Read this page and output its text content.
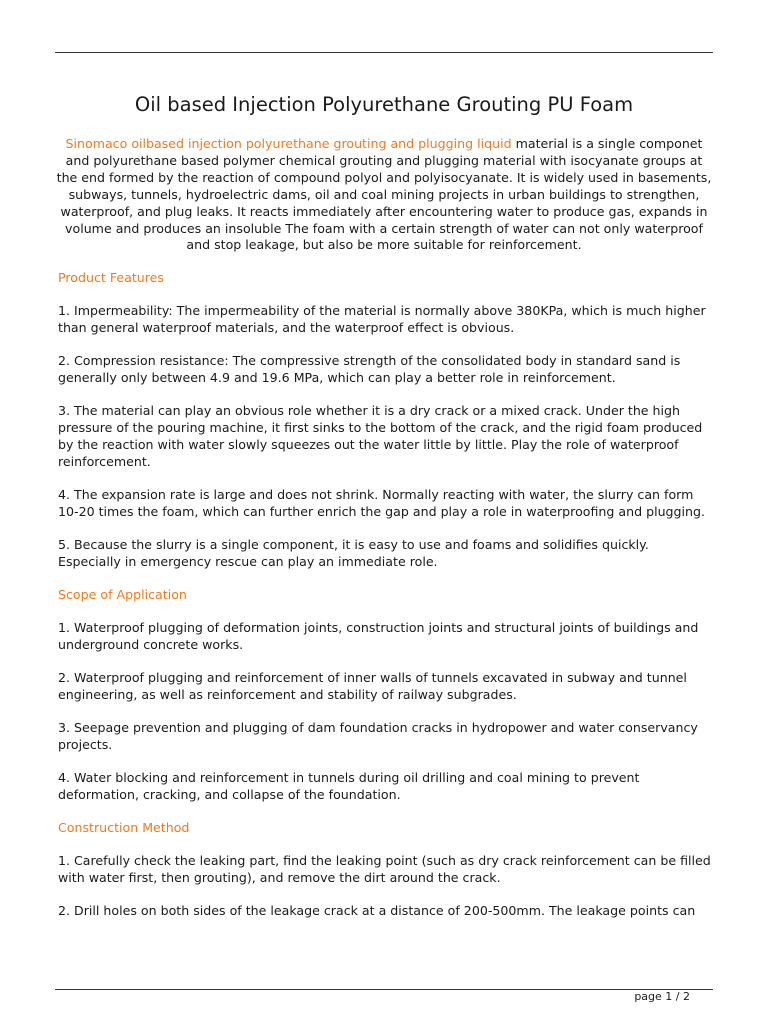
Oil based Injection Polyurethane Grouting PU Foam

Sinomaco oilbased injection polyurethane grouting and plugging liquid material is a single componet and polyurethane based polymer chemical grouting and plugging material with isocyanate groups at the end formed by the reaction of compound polyol and polyisocyanate. It is widely used in basements, subways, tunnels, hydroelectric dams, oil and coal mining projects in urban buildings to strengthen, waterproof, and plug leaks. It reacts immediately after encountering water to produce gas, expands in volume and produces an insoluble The foam with a certain strength of water can not only waterproof and stop leakage, but also be more suitable for reinforcement.

Product Features

1. Impermeability: The impermeability of the material is normally above 380KPa, which is much higher than general waterproof materials, and the waterproof effect is obvious.

2. Compression resistance: The compressive strength of the consolidated body in standard sand is generally only between 4.9 and 19.6 MPa, which can play a better role in reinforcement.

3. The material can play an obvious role whether it is a dry crack or a mixed crack. Under the high pressure of the pouring machine, it first sinks to the bottom of the crack, and the rigid foam produced by the reaction with water slowly squeezes out the water little by little. Play the role of waterproof reinforcement.

4. The expansion rate is large and does not shrink. Normally reacting with water, the slurry can form 10-20 times the foam, which can further enrich the gap and play a role in waterproofing and plugging.

5. Because the slurry is a single component, it is easy to use and foams and solidifies quickly. Especially in emergency rescue can play an immediate role.

Scope of Application

1. Waterproof plugging of deformation joints, construction joints and structural joints of buildings and underground concrete works.

2. Waterproof plugging and reinforcement of inner walls of tunnels excavated in subway and tunnel engineering, as well as reinforcement and stability of railway subgrades.

3. Seepage prevention and plugging of dam foundation cracks in hydropower and water conservancy projects.

4. Water blocking and reinforcement in tunnels during oil drilling and coal mining to prevent deformation, cracking, and collapse of the foundation.

Construction Method

1. Carefully check the leaking part, find the leaking point (such as dry crack reinforcement can be filled with water first, then grouting), and remove the dirt around the crack.

2. Drill holes on both sides of the leakage crack at a distance of 200-500mm. The leakage points can

page 1 / 2
